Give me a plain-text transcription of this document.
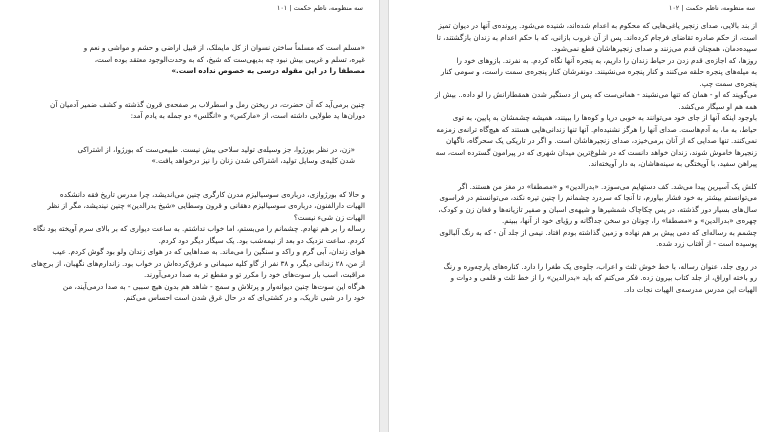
سه منظومه، ناظم حکمت | ۱۰۱
«مسلم است که مسلماً ساختن نسوان از کل مایملک، از قبیل اراضی و حشم و مواشی و نعم و
غیره، تسلم و غریبی بیش نبود چه بدیهی‌ست که شیخ، که به وحدت‌الوجود معتقد بوده است،
مصطفا را در این مقوله درسی به خصوص نداده است.»
چنین برمی‌آید که آن حضرت، در ریختن رمل و اسطرلاب بر صفحه‌ی قرون گذشته و کشف ضمیر آدمیان آن
دوران‌ها ید طولایی داشته است، از «مارکس» و «انگلس» دو جمله به یادم آمد:
«زن، در نظر بورژوا، جز وسیله‌ی تولید سلاحی بیش نیست. طبیعی‌ست که بورژوا، از اشتراکی
شدن کلیه‌ی وسایل تولید، اشتراکی شدن زنان را نیز درخواهد یافت.»
و حالا که بورژوازی، درباره‌ی سوسیالیزم مدرن کارگری چنین می‌اندیشد، چرا مدرس تاریخ فقه دانشکده
الهیات دارالفنون، درباره‌ی سوسیالیزم دهقانی و قرون وسطایی «شیخ بدرالدین» چنین نیندیشد، مگر از نظر
الهیات زن شیء نیست؟
رساله را بر هم نهادم. چشمانم را می‌بستم، اما خواب نداشتم. به ساعت دیواری که بر بالای سرم آویخته بود نگاه
کردم. ساعت نزدیک دو بعد از نیمه‌شب بود. یک سیگار دیگر دود کردم.
هوای زندان، آبی گرم و راکد و سنگین را می‌ماند. به صداهایی که در هوای زندان ولو بود گوش کردم. عیب
از من، ۲۸ زندانی دیگر، و ۳۸ نفر از گاو کلیه سیمانی و عرق‌کرده‌اش در خواب بود. زاندارم‌های نگهبان، از برج‌های
مراقبت، اسب بار سوت‌های خود را مکرر تو و مقطع تر به صدا درمی‌آورند.
هرگاه این سوت‌ها چنین دیوانه‌وار و پرتلاش و سمج - شاهد هم بدون هیچ سببی - به صدا درمی‌آیند، من
خود را در شبی تاریک، و در کشتی‌ای که در حال غرق شدن است احساس می‌کنم.
سه منظومه، ناظم حکمت | ۱۰۲
از بند بالایی، صدای زنجیر یاغی‌هایی که محکوم به اعدام شده‌اند، شنیده می‌شود. پرونده‌ی آنها در دیوان تمیز
است، از حکم صادره تقاضای فرجام کرده‌اند. پس از آن غروب بازانی، که با حکم اعدام به زندان بازگشتند، تا
سپیده‌دمان، همچنان قدم می‌زنند و صدای زنجیرهاشان قطع نمی‌شود.
روزها، که اجازه‌ی قدم زدن در حیاط زندان را داریم، به پنجره آنها نگاه کردم. به نفرند. بازوهای خود را
به میله‌های پنجره حلقه می‌کنند و کنار پنجره می‌نشینند. دونفرشان کنار پنجره‌ی سمت راست، و سومی کنار
پنجره‌ی سمت چپ.
می‌گویند که او - همان که تنها می‌نشیند - همانی‌ست که پس از دستگیر شدن همقطارانش را لو داده.. بیش از
همه هم او سیگار می‌کشد.
باوجود اینکه آنها از جای خود می‌توانند به خوبی دریا و کوه‌ها را ببینند، همیشه چشمشان به پایین، به توی
حیاط، به ما، به آدم‌هاست. صدای آنها را هرگز نشنیده‌ام. آنها تنها زندانی‌هایی هستند که هیچ‌گاه ترانه‌ی زمزمه
نمی‌کنند. تنها صدایی که از آنان برمی‌خیزد، صدای زنجیرهاشان است. و اگر در تاریکی یک سحرگاه، ناگهان
زنجیرها خاموش شوند، زندان خواهد دانست که در شلوغ‌ترین میدان شهری که در پیرامون گسترده است، سه
پیراهن سفید، با آویختگی به سینه‌هاشان، به دار آویخته‌اند.
کلش یک آسپرین پیدا می‌شد. کف دستهایم می‌سوزد. «بدرالدین» و «مصطفا» در مغز من هستند. اگر
می‌توانستم بیشتر به خود فشار بیاورم، تا آنجا که سردرد چشمانم را چنین تیره نکند، می‌توانستم در فراسوی
سال‌های بسیار دور گذشته، در پس چکاچاک شمشیرها و شیهه‌ی اسبان و صفیر تازیانه‌ها و فغان زن و کودک،
چهره‌ی «بدرالدین» و «مصطفا» را، چونان دو سخن جداگانه و رؤیای خود از آنها، ببینم.
چشمم به رساله‌ای که دمی پیش بر هم نهاده و زمین گذاشته بودم افتاد. نیمی از جلد آن - که به رنگ آلبالوی
پوسیده است - از آفتاب زرد شده.
در روی جلد، عنوان رساله، با خط خوش ثلث و اعراب، جلوه‌ی یک طغرا را دارد. کناره‌های پارچه‌وره و رنگ
رو باخته اوراق، از جلد کتاب بیرون زده. فکر می‌کنم که باید «بدرالدین» را از خط ثلث و قلمی و دوات و
الهیات این مدرس مدرسه‌ی الهیات نجات داد.
